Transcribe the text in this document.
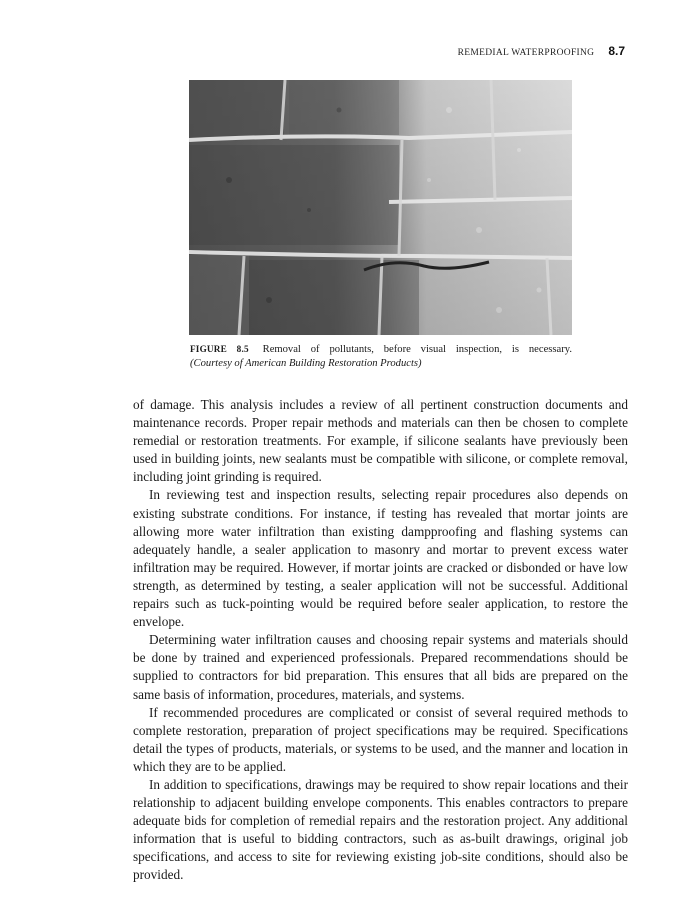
REMEDIAL WATERPROOFING 8.7
FIGURE 8.5 Removal of pollutants, before visual inspection, is necessary.
(Courtesy of American Building Restoration Products)

of damage. This analysis includes a review of all pertinent construction documents and maintenance records. Proper repair methods and materials can then be chosen to complete remedial or restoration treatments. For example, if silicone sealants have previously been used in building joints, new sealants must be compatible with silicone, or complete removal, including joint grinding is required.

In reviewing test and inspection results, selecting repair procedures also depends on existing substrate conditions. For instance, if testing has revealed that mortar joints are allowing more water infiltration than existing dampproofing and flashing systems can adequately handle, a sealer application to masonry and mortar to prevent excess water infiltration may be required. However, if mortar joints are cracked or disbonded or have low strength, as determined by testing, a sealer application will not be successful. Additional repairs such as tuck-pointing would be required before sealer application, to restore the envelope.

Determining water infiltration causes and choosing repair systems and materials should be done by trained and experienced professionals. Prepared recommendations should be supplied to contractors for bid preparation. This ensures that all bids are prepared on the same basis of information, procedures, materials, and systems.

If recommended procedures are complicated or consist of several required methods to complete restoration, preparation of project specifications may be required. Specifications detail the types of products, materials, or systems to be used, and the manner and location in which they are to be applied.

In addition to specifications, drawings may be required to show repair locations and their relationship to adjacent building envelope components. This enables contractors to prepare adequate bids for completion of remedial repairs and the restoration project. Any additional information that is useful to bidding contractors, such as as-built drawings, original job specifications, and access to site for reviewing existing job-site conditions, should also be provided.
